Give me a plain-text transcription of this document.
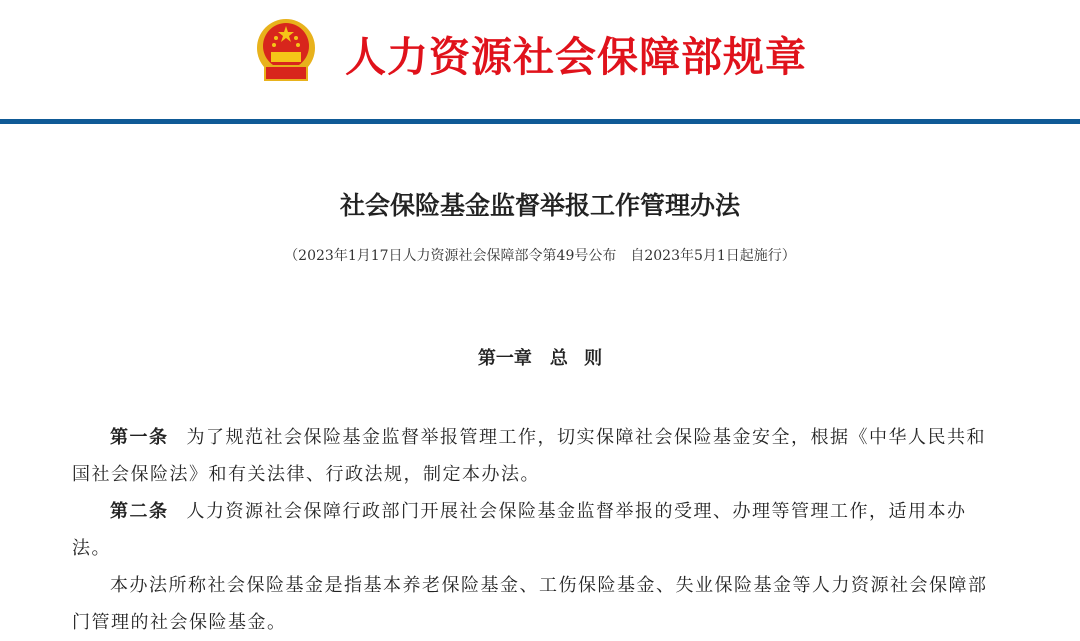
人力资源社会保障部规章
社会保险基金监督举报工作管理办法
（2023年1月17日人力资源社会保障部令第49号公布　自2023年5月1日起施行）
第一章　总 则

第一条 为了规范社会保险基金监督举报管理工作，切实保障社会保险基金安全，根据《中华人民共和国社会保险法》和有关法律、行政法规，制定本办法。

第二条 人力资源社会保障行政部门开展社会保险基金监督举报的受理、办理等管理工作，适用本办法。

本办法所称社会保险基金是指基本养老保险基金、工伤保险基金、失业保险基金等人力资源社会保障部门管理的社会保险基金。
